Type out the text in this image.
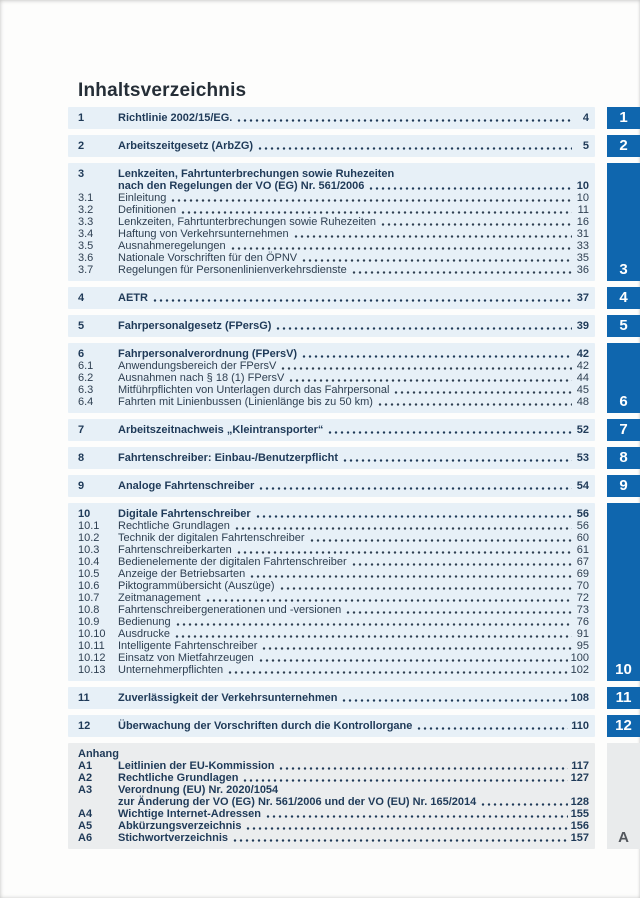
Inhaltsverzeichnis
1	Richtlinie 2002/15/EG.	4
2	Arbeitszeitgesetz (ArbZG)	5
3	Lenkzeiten, Fahrtunterbrechungen sowie Ruhezeiten
nach den Regelungen der VO (EG) Nr. 561/2006	10
3.1	Einleitung	10
3.2	Definitionen	11
3.3	Lenkzeiten, Fahrtunterbrechungen sowie Ruhezeiten	16
3.4	Haftung von Verkehrsunternehmen	31
3.5	Ausnahmeregelungen	33
3.6	Nationale Vorschriften für den ÖPNV	35
3.7	Regelungen für Personenlinienverkehrsdienste	36
4	AETR	37
5	Fahrpersonalgesetz (FPersG)	39
6	Fahrpersonalverordnung (FPersV)	42
6.1	Anwendungsbereich der FPersV	42
6.2	Ausnahmen nach § 18 (1) FPersV	44
6.3	Mitführpflichten von Unterlagen durch das Fahrpersonal	45
6.4	Fahrten mit Linienbussen (Linienlänge bis zu 50 km)	48
7	Arbeitszeitnachweis „Kleintransporter“	52
8	Fahrtenschreiber: Einbau-/Benutzerpflicht	53
9	Analoge Fahrtenschreiber	54
10	Digitale Fahrtenschreiber	56
10.1	Rechtliche Grundlagen	56
10.2	Technik der digitalen Fahrtenschreiber	60
10.3	Fahrtenschreiberkarten	61
10.4	Bedienelemente der digitalen Fahrtenschreiber	67
10.5	Anzeige der Betriebsarten	69
10.6	Piktogrammübersicht (Auszüge)	70
10.7	Zeitmanagement	72
10.8	Fahrtenschreibergenerationen und -versionen	73
10.9	Bedienung	76
10.10	Ausdrucke	91
10.11	Intelligente Fahrtenschreiber	95
10.12	Einsatz von Mietfahrzeugen	100
10.13	Unternehmerpflichten	102
11	Zuverlässigkeit der Verkehrsunternehmen	108
12	Überwachung der Vorschriften durch die Kontrollorgane	110
Anhang
A1	Leitlinien der EU-Kommission	117
A2	Rechtliche Grundlagen	127
A3	Verordnung (EU) Nr. 2020/1054
zur Änderung der VO (EG) Nr. 561/2006 und der VO (EU) Nr. 165/2014	128
A4	Wichtige Internet-Adressen	155
A5	Abkürzungsverzeichnis	156
A6	Stichwortverzeichnis	157
1
2
3
4
5
6
7
8
9
10
11
12
A
